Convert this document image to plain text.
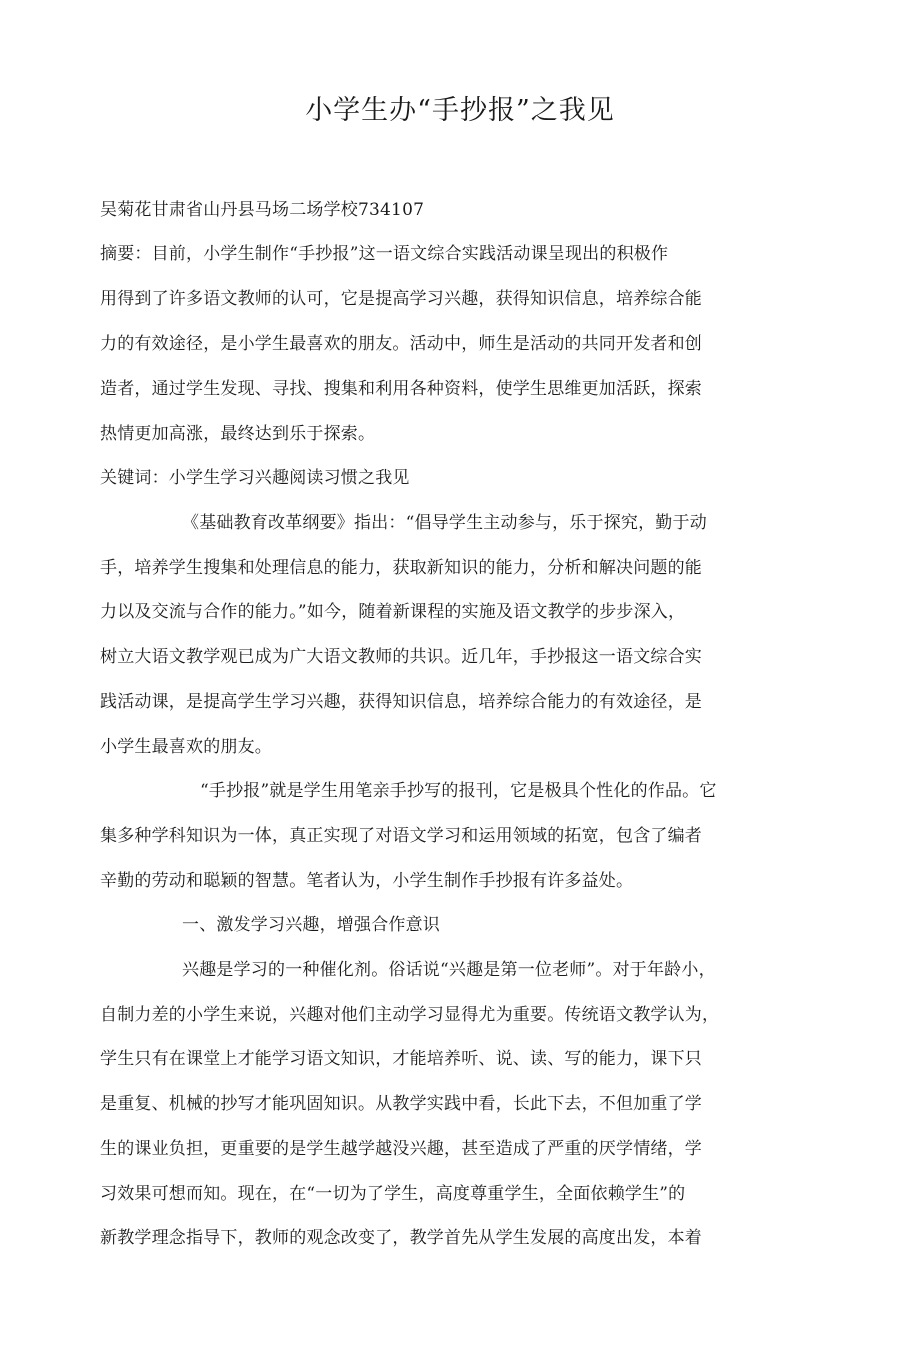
小学生办“手抄报”之我见
吴菊花甘肃省山丹县马场二场学校734107
摘要：目前，小学生制作“手抄报”这一语文综合实践活动课呈现出的积极作
用得到了许多语文教师的认可，它是提高学习兴趣，获得知识信息，培养综合能
力的有效途径，是小学生最喜欢的朋友。活动中，师生是活动的共同开发者和创
造者，通过学生发现、寻找、搜集和利用各种资料，使学生思维更加活跃，探索
热情更加高涨，最终达到乐于探索。
关键词：小学生学习兴趣阅读习惯之我见
《基础教育改革纲要》指出：“倡导学生主动参与，乐于探究，勤于动
手，培养学生搜集和处理信息的能力，获取新知识的能力，分析和解决问题的能
力以及交流与合作的能力。”如今，随着新课程的实施及语文教学的步步深入，
树立大语文教学观已成为广大语文教师的共识。近几年，手抄报这一语文综合实
践活动课，是提高学生学习兴趣，获得知识信息，培养综合能力的有效途径，是
小学生最喜欢的朋友。
“手抄报”就是学生用笔亲手抄写的报刊，它是极具个性化的作品。它
集多种学科知识为一体，真正实现了对语文学习和运用领域的拓宽，包含了编者
辛勤的劳动和聪颖的智慧。笔者认为，小学生制作手抄报有许多益处。
一、激发学习兴趣，增强合作意识
兴趣是学习的一种催化剂。俗话说“兴趣是第一位老师”。对于年龄小，
自制力差的小学生来说，兴趣对他们主动学习显得尤为重要。传统语文教学认为，
学生只有在课堂上才能学习语文知识，才能培养听、说、读、写的能力，课下只
是重复、机械的抄写才能巩固知识。从教学实践中看，长此下去，不但加重了学
生的课业负担，更重要的是学生越学越没兴趣，甚至造成了严重的厌学情绪，学
习效果可想而知。现在，在“一切为了学生，高度尊重学生，全面依赖学生”的
新教学理念指导下，教师的观念改变了，教学首先从学生发展的高度出发，本着
